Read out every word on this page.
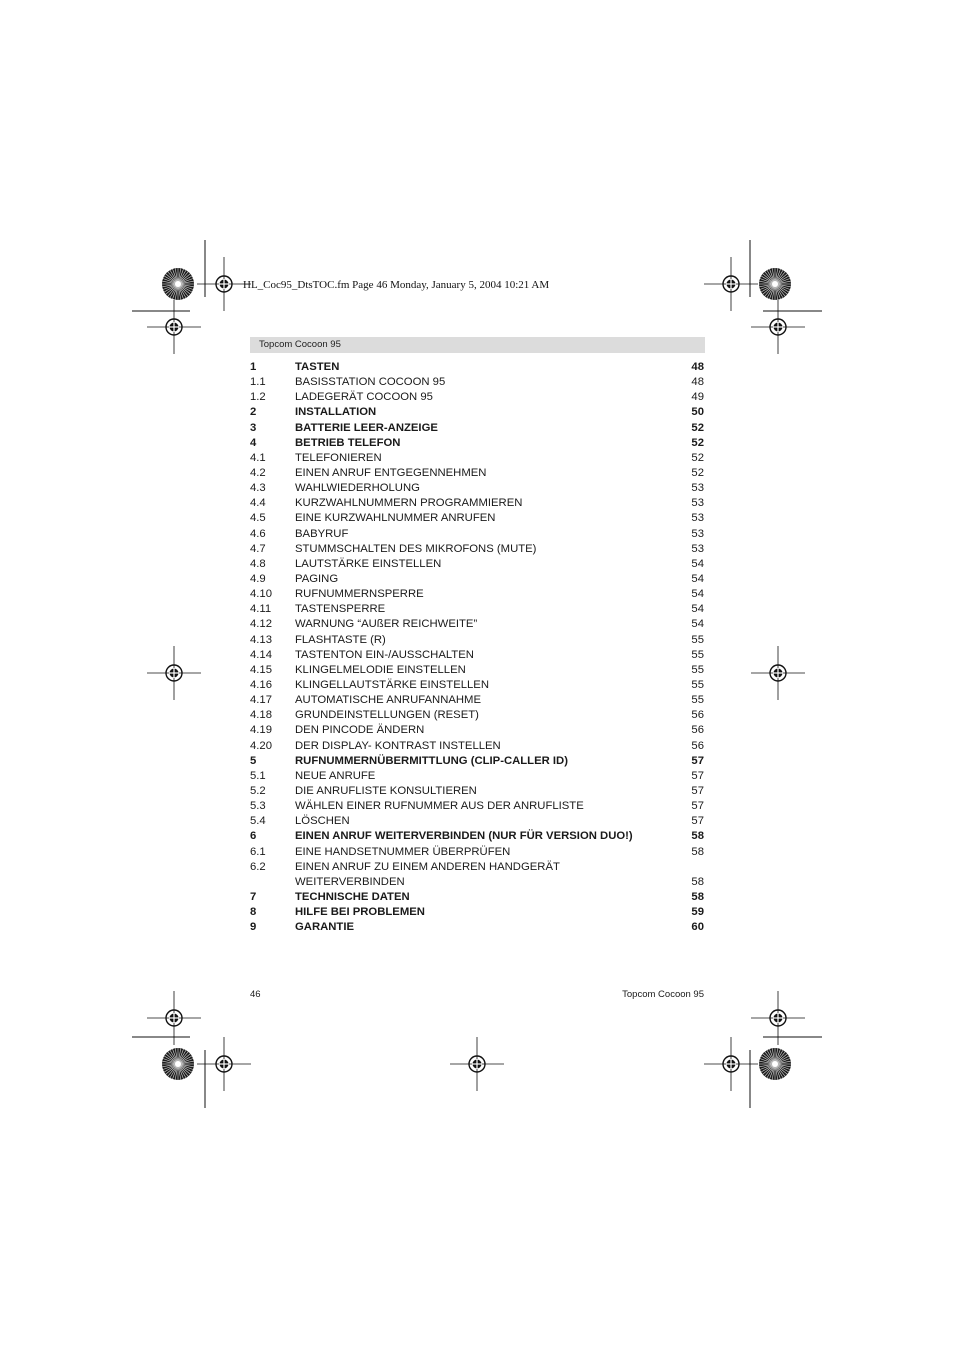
HL_Coc95_DtsTOC.fm Page 46 Monday, January 5, 2004 10:21 AM
Topcom Cocoon 95
1	TASTEN	48
1.1	BASISSTATION COCOON 95	48
1.2	LADEGERÄT COCOON 95	49
2	INSTALLATION	50
3	BATTERIE LEER-ANZEIGE	52
4	BETRIEB TELEFON	52
4.1	TELEFONIEREN	52
4.2	EINEN ANRUF ENTGEGENNEHMEN	52
4.3	WAHLWIEDERHOLUNG	53
4.4	KURZWAHLNUMMERN PROGRAMMIEREN	53
4.5	EINE KURZWAHLNUMMER ANRUFEN	53
4.6	BABYRUF	53
4.7	STUMMSCHALTEN DES MIKROFONS (MUTE)	53
4.8	LAUTSTÄRKE EINSTELLEN	54
4.9	PAGING	54
4.10 RUFNUMMERNSPERRE	54
4.11 TASTENSPERRE	54
4.12 WARNUNG “AUßER REICHWEITE”	54
4.13 FLASHTASTE (R)	55
4.14 TASTENTON EIN-/AUSSCHALTEN	55
4.15 KLINGELMELODIE EINSTELLEN	55
4.16 KLINGELLAUTSTÄRKE EINSTELLEN	55
4.17 AUTOMATISCHE ANRUFANNAHME	55
4.18 GRUNDEINSTELLUNGEN (RESET)	56
4.19 DEN PINCODE ÄNDERN	56
4.20 DER DISPLAY- KONTRAST INSTELLEN	56
5	RUFNUMMERNÜBERMITTLUNG (CLIP-CALLER ID)	57
5.1	NEUE ANRUFE	57
5.2	DIE ANRUFLISTE KONSULTIEREN	57
5.3	WÄHLEN EINER RUFNUMMER AUS DER ANRUFLISTE	57
5.4	LÖSCHEN	57
6	EINEN ANRUF WEITERVERBINDEN (NUR FÜR VERSION DUO!)	58
6.1	EINE HANDSETNUMMER ÜBERPRÜFEN	58
6.2	EINEN ANRUF ZU EINEM ANDEREN HANDGERÄT
WEITERVERBINDEN	58
7	TECHNISCHE DATEN	58
8	HILFE BEI PROBLEMEN	59
9	GARANTIE	60
46	Topcom Cocoon 95
